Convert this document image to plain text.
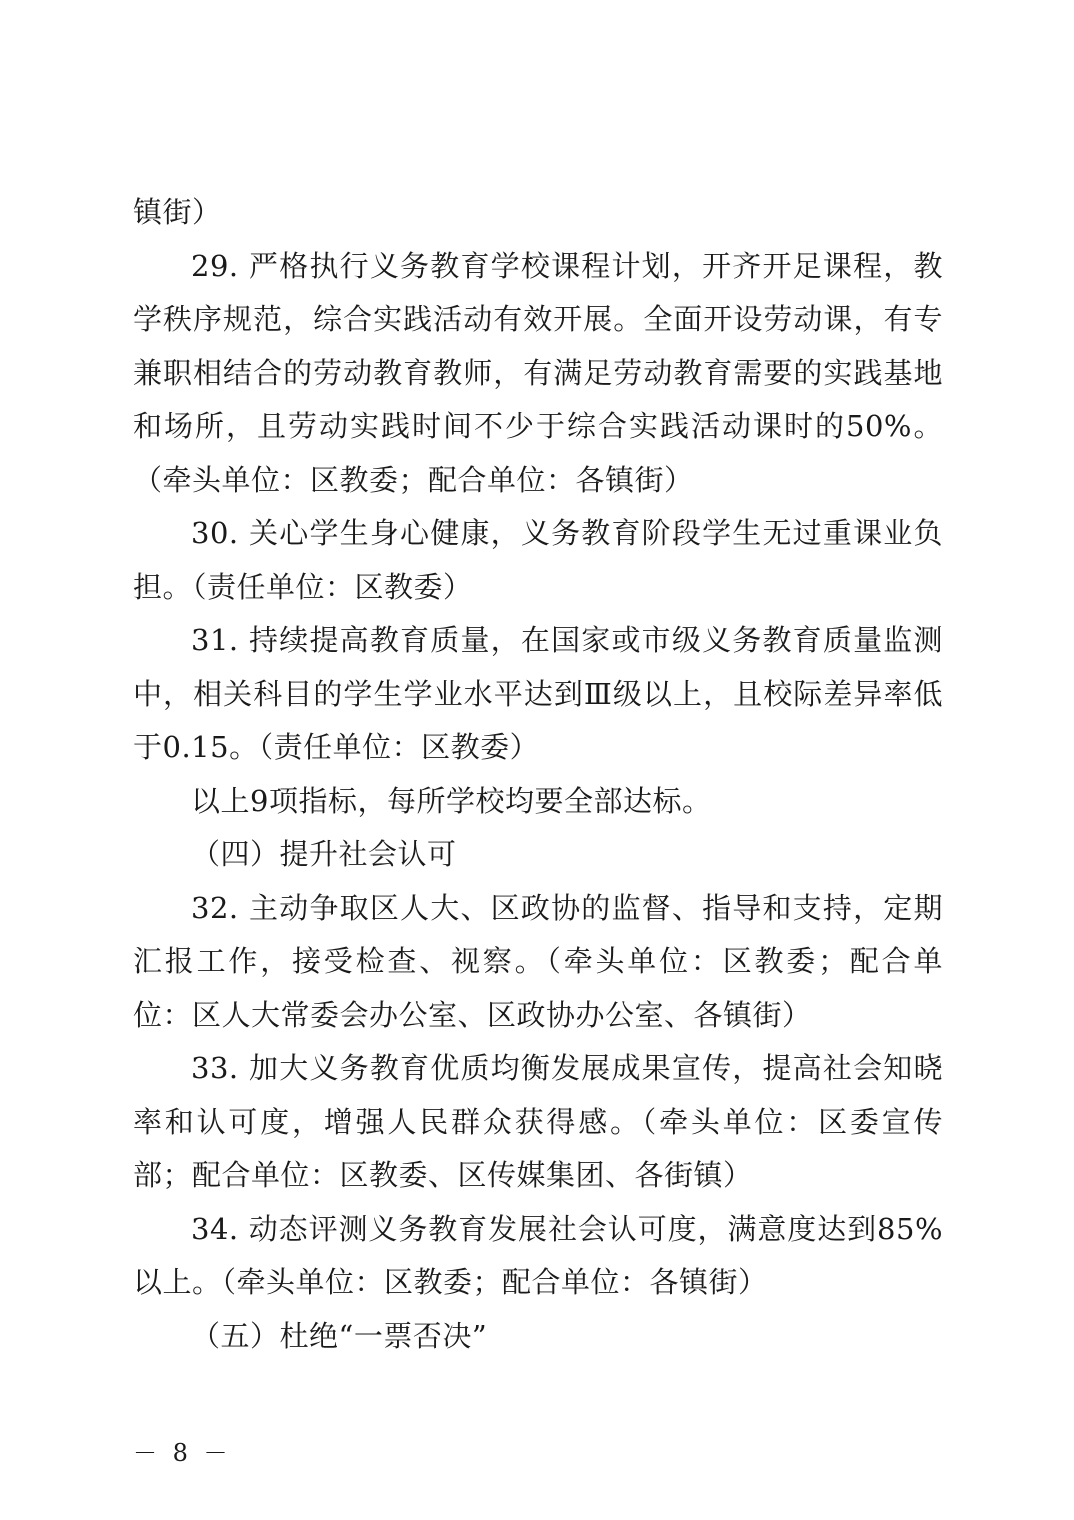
镇街）

29. 严格执行义务教育学校课程计划，开齐开足课程，教学秩序规范，综合实践活动有效开展。全面开设劳动课，有专兼职相结合的劳动教育教师，有满足劳动教育需要的实践基地和场所，且劳动实践时间不少于综合实践活动课时的50%。（牵头单位：区教委；配合单位：各镇街）

30. 关心学生身心健康，义务教育阶段学生无过重课业负担。（责任单位：区教委）

31. 持续提高教育质量，在国家或市级义务教育质量监测中，相关科目的学生学业水平达到Ⅲ级以上，且校际差异率低于0.15。（责任单位：区教委）

以上9项指标，每所学校均要全部达标。

（四）提升社会认可

32. 主动争取区人大、区政协的监督、指导和支持，定期汇报工作，接受检查、视察。（牵头单位：区教委；配合单位：区人大常委会办公室、区政协办公室、各镇街）

33. 加大义务教育优质均衡发展成果宣传，提高社会知晓率和认可度，增强人民群众获得感。（牵头单位：区委宣传部；配合单位：区教委、区传媒集团、各街镇）

34. 动态评测义务教育发展社会认可度，满意度达到85%以上。（牵头单位：区教委；配合单位：各镇街）

（五）杜绝“一票否决”

－ 8 －
